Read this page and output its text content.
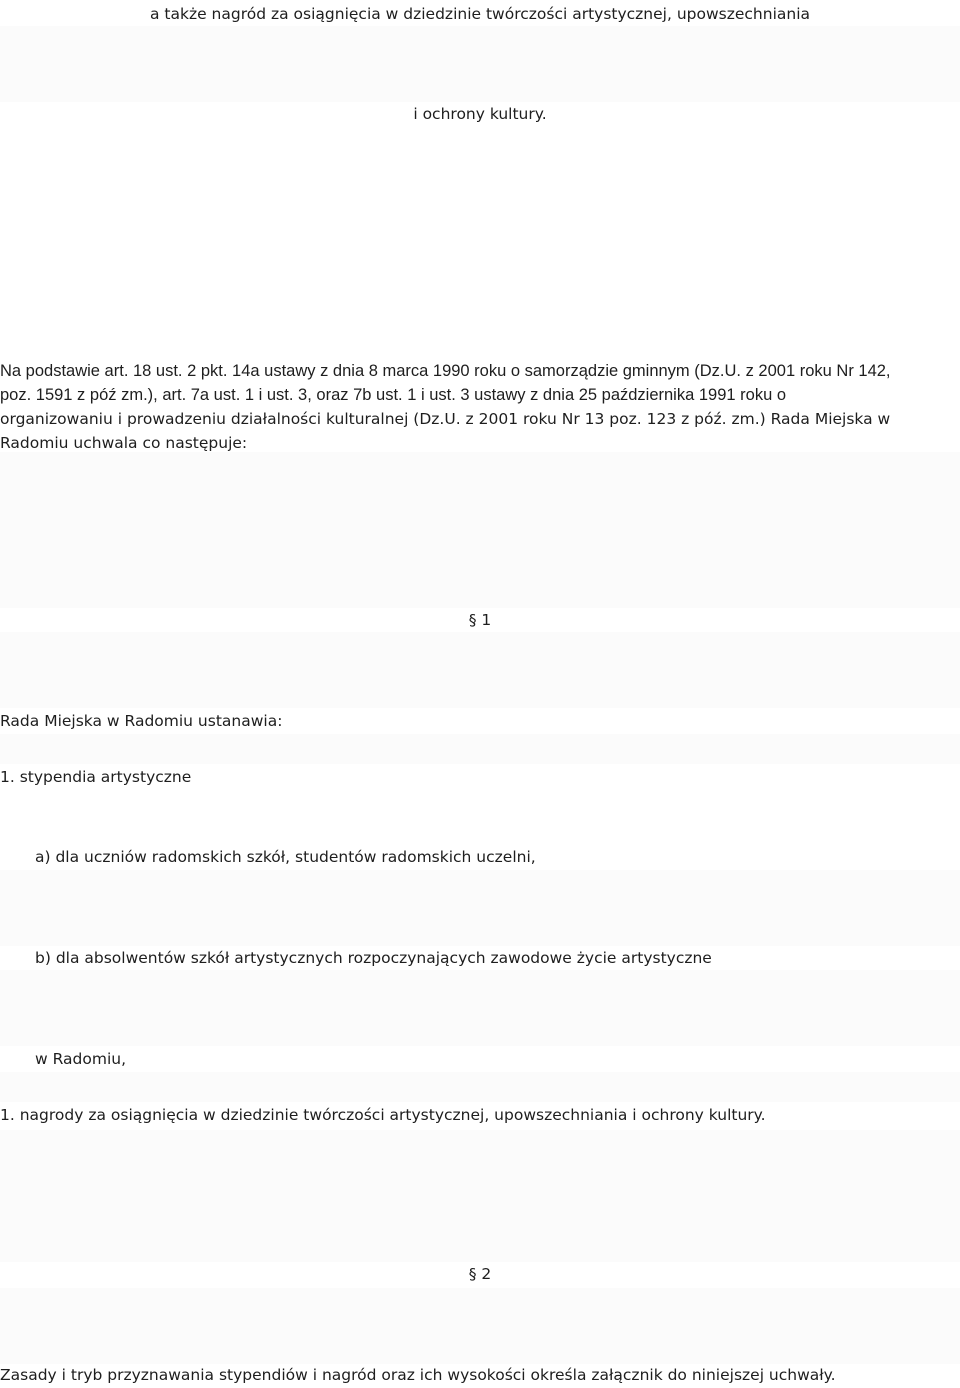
a także nagród za osiągnięcia w dziedzinie twórczości artystycznej, upowszechniania

i ochrony kultury.

Na podstawie art. 18 ust. 2 pkt. 14a ustawy z dnia 8 marca 1990 roku o samorządzie gminnym (Dz.U. z 2001 roku Nr 142,
poz. 1591 z póź zm.), art. 7a ust. 1 i ust. 3, oraz 7b ust. 1 i ust. 3 ustawy z dnia 25 października 1991 roku o
organizowaniu i prowadzeniu działalności kulturalnej (Dz.U. z 2001 roku Nr 13 poz. 123 z póź. zm.) Rada Miejska w
Radomiu uchwala co następuje:

§ 1

Rada Miejska w Radomiu ustanawia:

1. stypendia artystyczne

a) dla uczniów radomskich szkół, studentów radomskich uczelni,

b) dla absolwentów szkół artystycznych rozpoczynających zawodowe życie artystyczne

w Radomiu,

1. nagrody za osiągnięcia w dziedzinie twórczości artystycznej, upowszechniania i ochrony kultury.

§ 2

Zasady i tryb przyznawania stypendiów i nagród oraz ich wysokości określa załącznik do niniejszej uchwały.
